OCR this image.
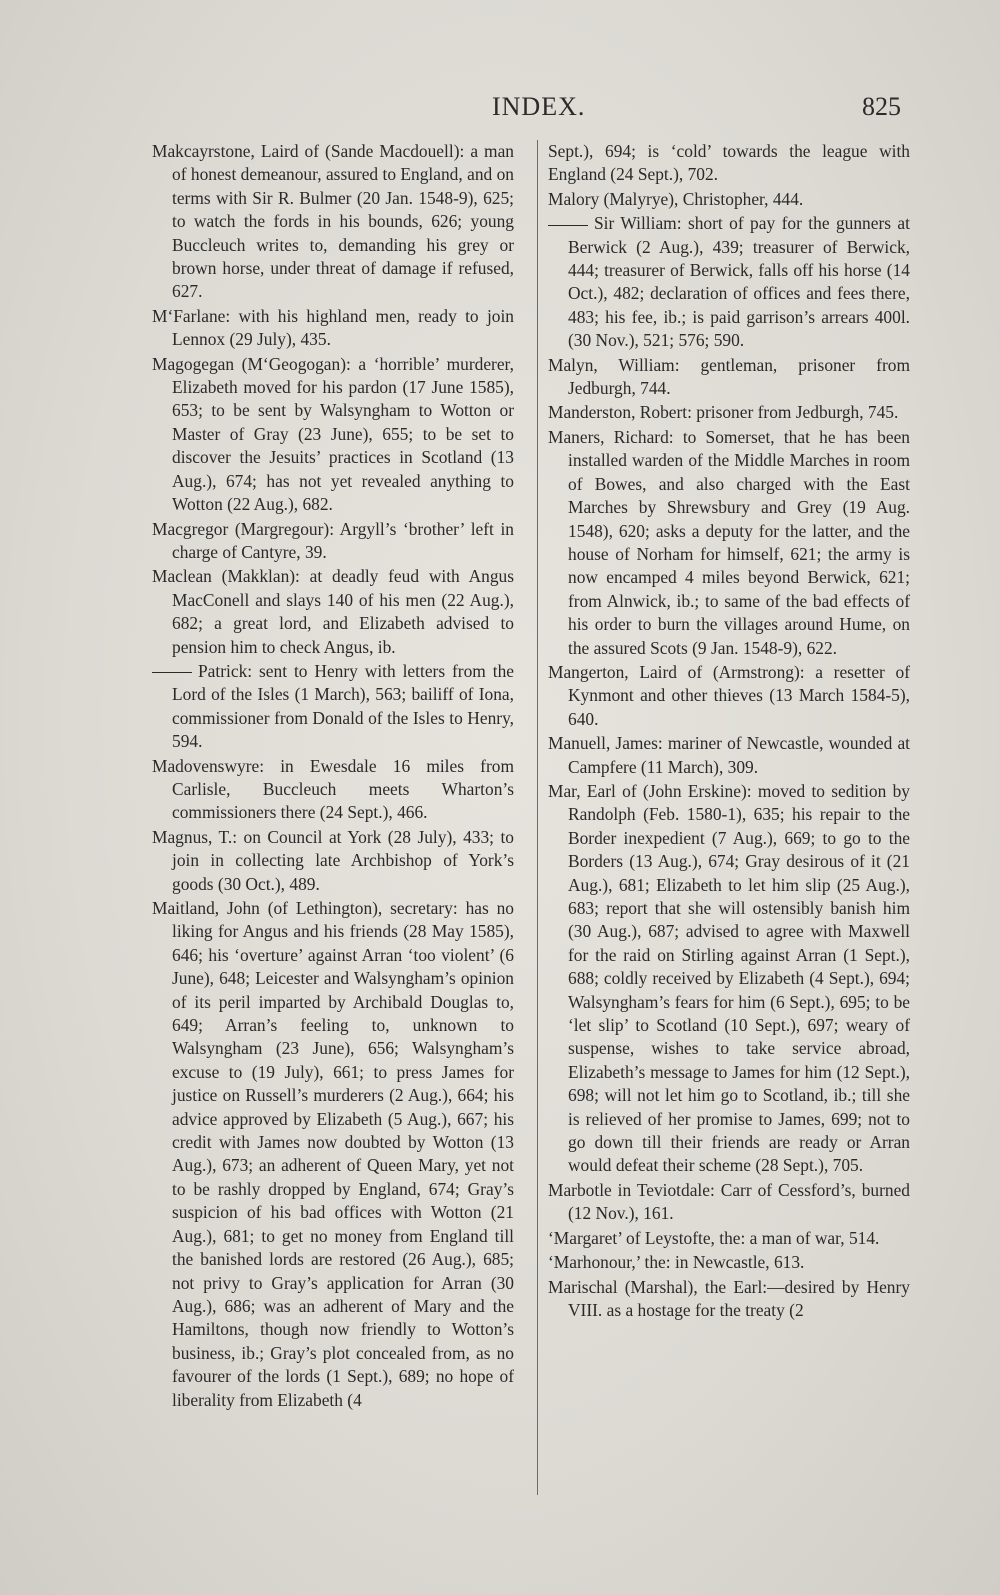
INDEX.	825

Makcayrstone, Laird of (Sande Macdouell): a man of honest demeanour, assured to England, and on terms with Sir R. Bulmer (20 Jan. 1548-9), 625; to watch the fords in his bounds, 626; young Buccleuch writes to, demanding his grey or brown horse, under threat of damage if refused, 627.

M‘Farlane: with his highland men, ready to join Lennox (29 July), 435.

Magogegan (M‘Geogogan): a ‘horrible’ murderer, Elizabeth moved for his pardon (17 June 1585), 653; to be sent by Walsyngham to Wotton or Master of Gray (23 June), 655; to be set to discover the Jesuits’ practices in Scotland (13 Aug.), 674; has not yet revealed anything to Wotton (22 Aug.), 682.

Macgregor (Margregour): Argyll’s ‘brother’ left in charge of Cantyre, 39.

Maclean (Makklan): at deadly feud with Angus MacConell and slays 140 of his men (22 Aug.), 682; a great lord, and Elizabeth advised to pension him to check Angus, ib.

Patrick: sent to Henry with letters from the Lord of the Isles (1 March), 563; bailiff of Iona, commissioner from Donald of the Isles to Henry, 594.

Madovenswyre: in Ewesdale 16 miles from Carlisle, Buccleuch meets Wharton’s commissioners there (24 Sept.), 466.

Magnus, T.: on Council at York (28 July), 433; to join in collecting late Archbishop of York’s goods (30 Oct.), 489.

Maitland, John (of Lethington), secretary: has no liking for Angus and his friends (28 May 1585), 646; his ‘overture’ against Arran ‘too violent’ (6 June), 648; Leicester and Walsyngham’s opinion of its peril imparted by Archibald Douglas to, 649; Arran’s feeling to, unknown to Walsyngham (23 June), 656; Walsyngham’s excuse to (19 July), 661; to press James for justice on Russell’s murderers (2 Aug.), 664; his advice approved by Elizabeth (5 Aug.), 667; his credit with James now doubted by Wotton (13 Aug.), 673; an adherent of Queen Mary, yet not to be rashly dropped by England, 674; Gray’s suspicion of his bad offices with Wotton (21 Aug.), 681; to get no money from England till the banished lords are restored (26 Aug.), 685; not privy to Gray’s application for Arran (30 Aug.), 686; was an adherent of Mary and the Hamiltons, though now friendly to Wotton’s business, ib.; Gray’s plot concealed from, as no favourer of the lords (1 Sept.), 689; no hope of liberality from Elizabeth (4

Sept.), 694; is ‘cold’ towards the league with England (24 Sept.), 702.

Malory (Malyrye), Christopher, 444.

Sir William: short of pay for the gunners at Berwick (2 Aug.), 439; treasurer of Berwick, 444; treasurer of Berwick, falls off his horse (14 Oct.), 482; declaration of offices and fees there, 483; his fee, ib.; is paid garrison’s arrears 400l. (30 Nov.), 521; 576; 590.

Malyn, William: gentleman, prisoner from Jedburgh, 744.

Manderston, Robert: prisoner from Jedburgh, 745.

Maners, Richard: to Somerset, that he has been installed warden of the Middle Marches in room of Bowes, and also charged with the East Marches by Shrewsbury and Grey (19 Aug. 1548), 620; asks a deputy for the latter, and the house of Norham for himself, 621; the army is now encamped 4 miles beyond Berwick, 621; from Alnwick, ib.; to same of the bad effects of his order to burn the villages around Hume, on the assured Scots (9 Jan. 1548-9), 622.

Mangerton, Laird of (Armstrong): a resetter of Kynmont and other thieves (13 March 1584-5), 640.

Manuell, James: mariner of Newcastle, wounded at Campfere (11 March), 309.

Mar, Earl of (John Erskine): moved to sedition by Randolph (Feb. 1580-1), 635; his repair to the Border inexpedient (7 Aug.), 669; to go to the Borders (13 Aug.), 674; Gray desirous of it (21 Aug.), 681; Elizabeth to let him slip (25 Aug.), 683; report that she will ostensibly banish him (30 Aug.), 687; advised to agree with Maxwell for the raid on Stirling against Arran (1 Sept.), 688; coldly received by Elizabeth (4 Sept.), 694; Walsyngham’s fears for him (6 Sept.), 695; to be ‘let slip’ to Scotland (10 Sept.), 697; weary of suspense, wishes to take service abroad, Elizabeth’s message to James for him (12 Sept.), 698; will not let him go to Scotland, ib.; till she is relieved of her promise to James, 699; not to go down till their friends are ready or Arran would defeat their scheme (28 Sept.), 705.

Marbotle in Teviotdale: Carr of Cessford’s, burned (12 Nov.), 161.

‘Margaret’ of Leystofte, the: a man of war, 514.

‘Marhonour,’ the: in Newcastle, 613.

Marischal (Marshal), the Earl:—desired by Henry VIII. as a hostage for the treaty (2
